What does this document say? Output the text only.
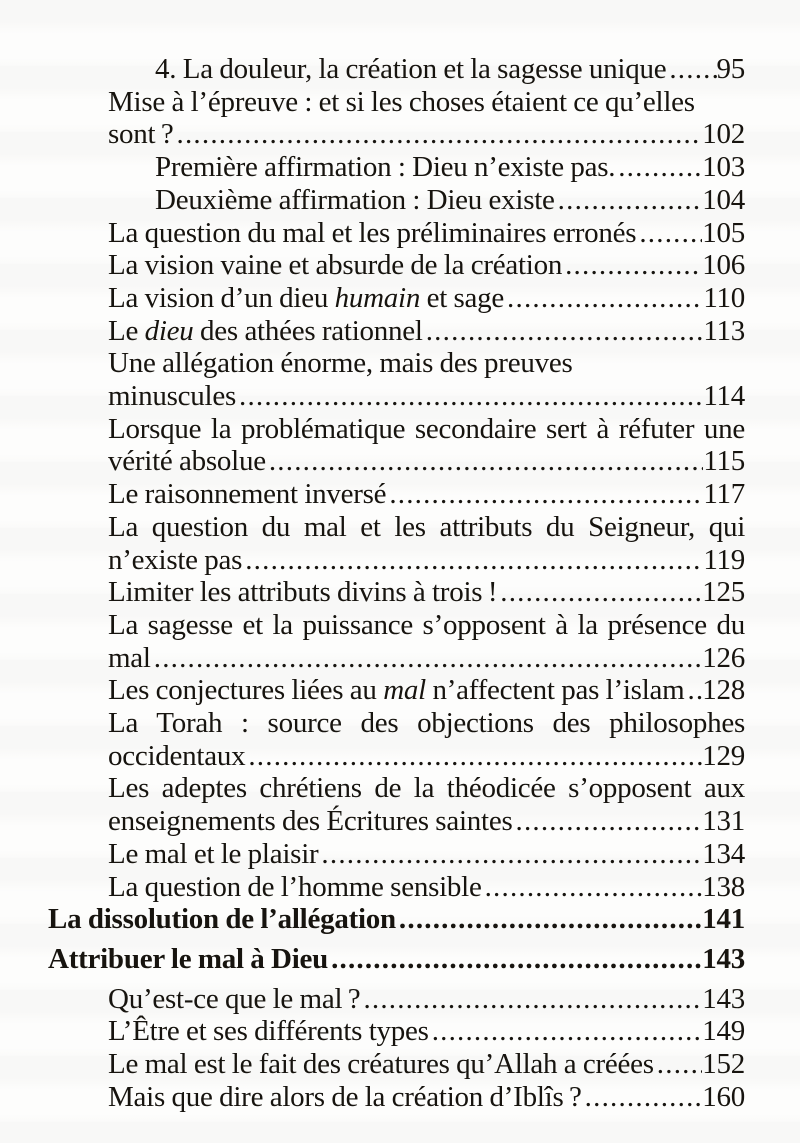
4. La douleur, la création et la sagesse unique ..... 95
Mise à l’épreuve : et si les choses étaient ce qu’elles
sont ? .....	102
Première affirmation : Dieu n’existe pas. .....	103
Deuxième affirmation : Dieu existe .....	104
La question du mal et les préliminaires erronés ..... 105
La vision vaine et absurde de la création .....	106
La vision d’un dieu humain et sage .....	110
Le dieu des athées rationnel .....	113
Une allégation énorme, mais des preuves
minuscules .....	114
Lorsque la problématique secondaire sert à réfuter une
vérité absolue .....	115
Le raisonnement inversé .....	117
La question du mal et les attributs du Seigneur, qui
n’existe pas .....	119
Limiter les attributs divins à trois ! .....	125
La sagesse et la puissance s’opposent à la présence du
mal .....	126
Les conjectures liées au mal n’affectent pas l’islam ..... 128
La Torah : source des objections des philosophes
occidentaux .....	129
Les adeptes chrétiens de la théodicée s’opposent aux
enseignements des Écritures saintes .....	131
Le mal et le plaisir .....	134
La question de l’homme sensible .....	138
La dissolution de l’allégation .....	141
Attribuer le mal à Dieu .....	143
Qu’est-ce que le mal ? .....	143
L’Être et ses différents types .....	149
Le mal est le fait des créatures qu’Allah a créées ..... 152
Mais que dire alors de la création d’Iblîs ? .....	160
